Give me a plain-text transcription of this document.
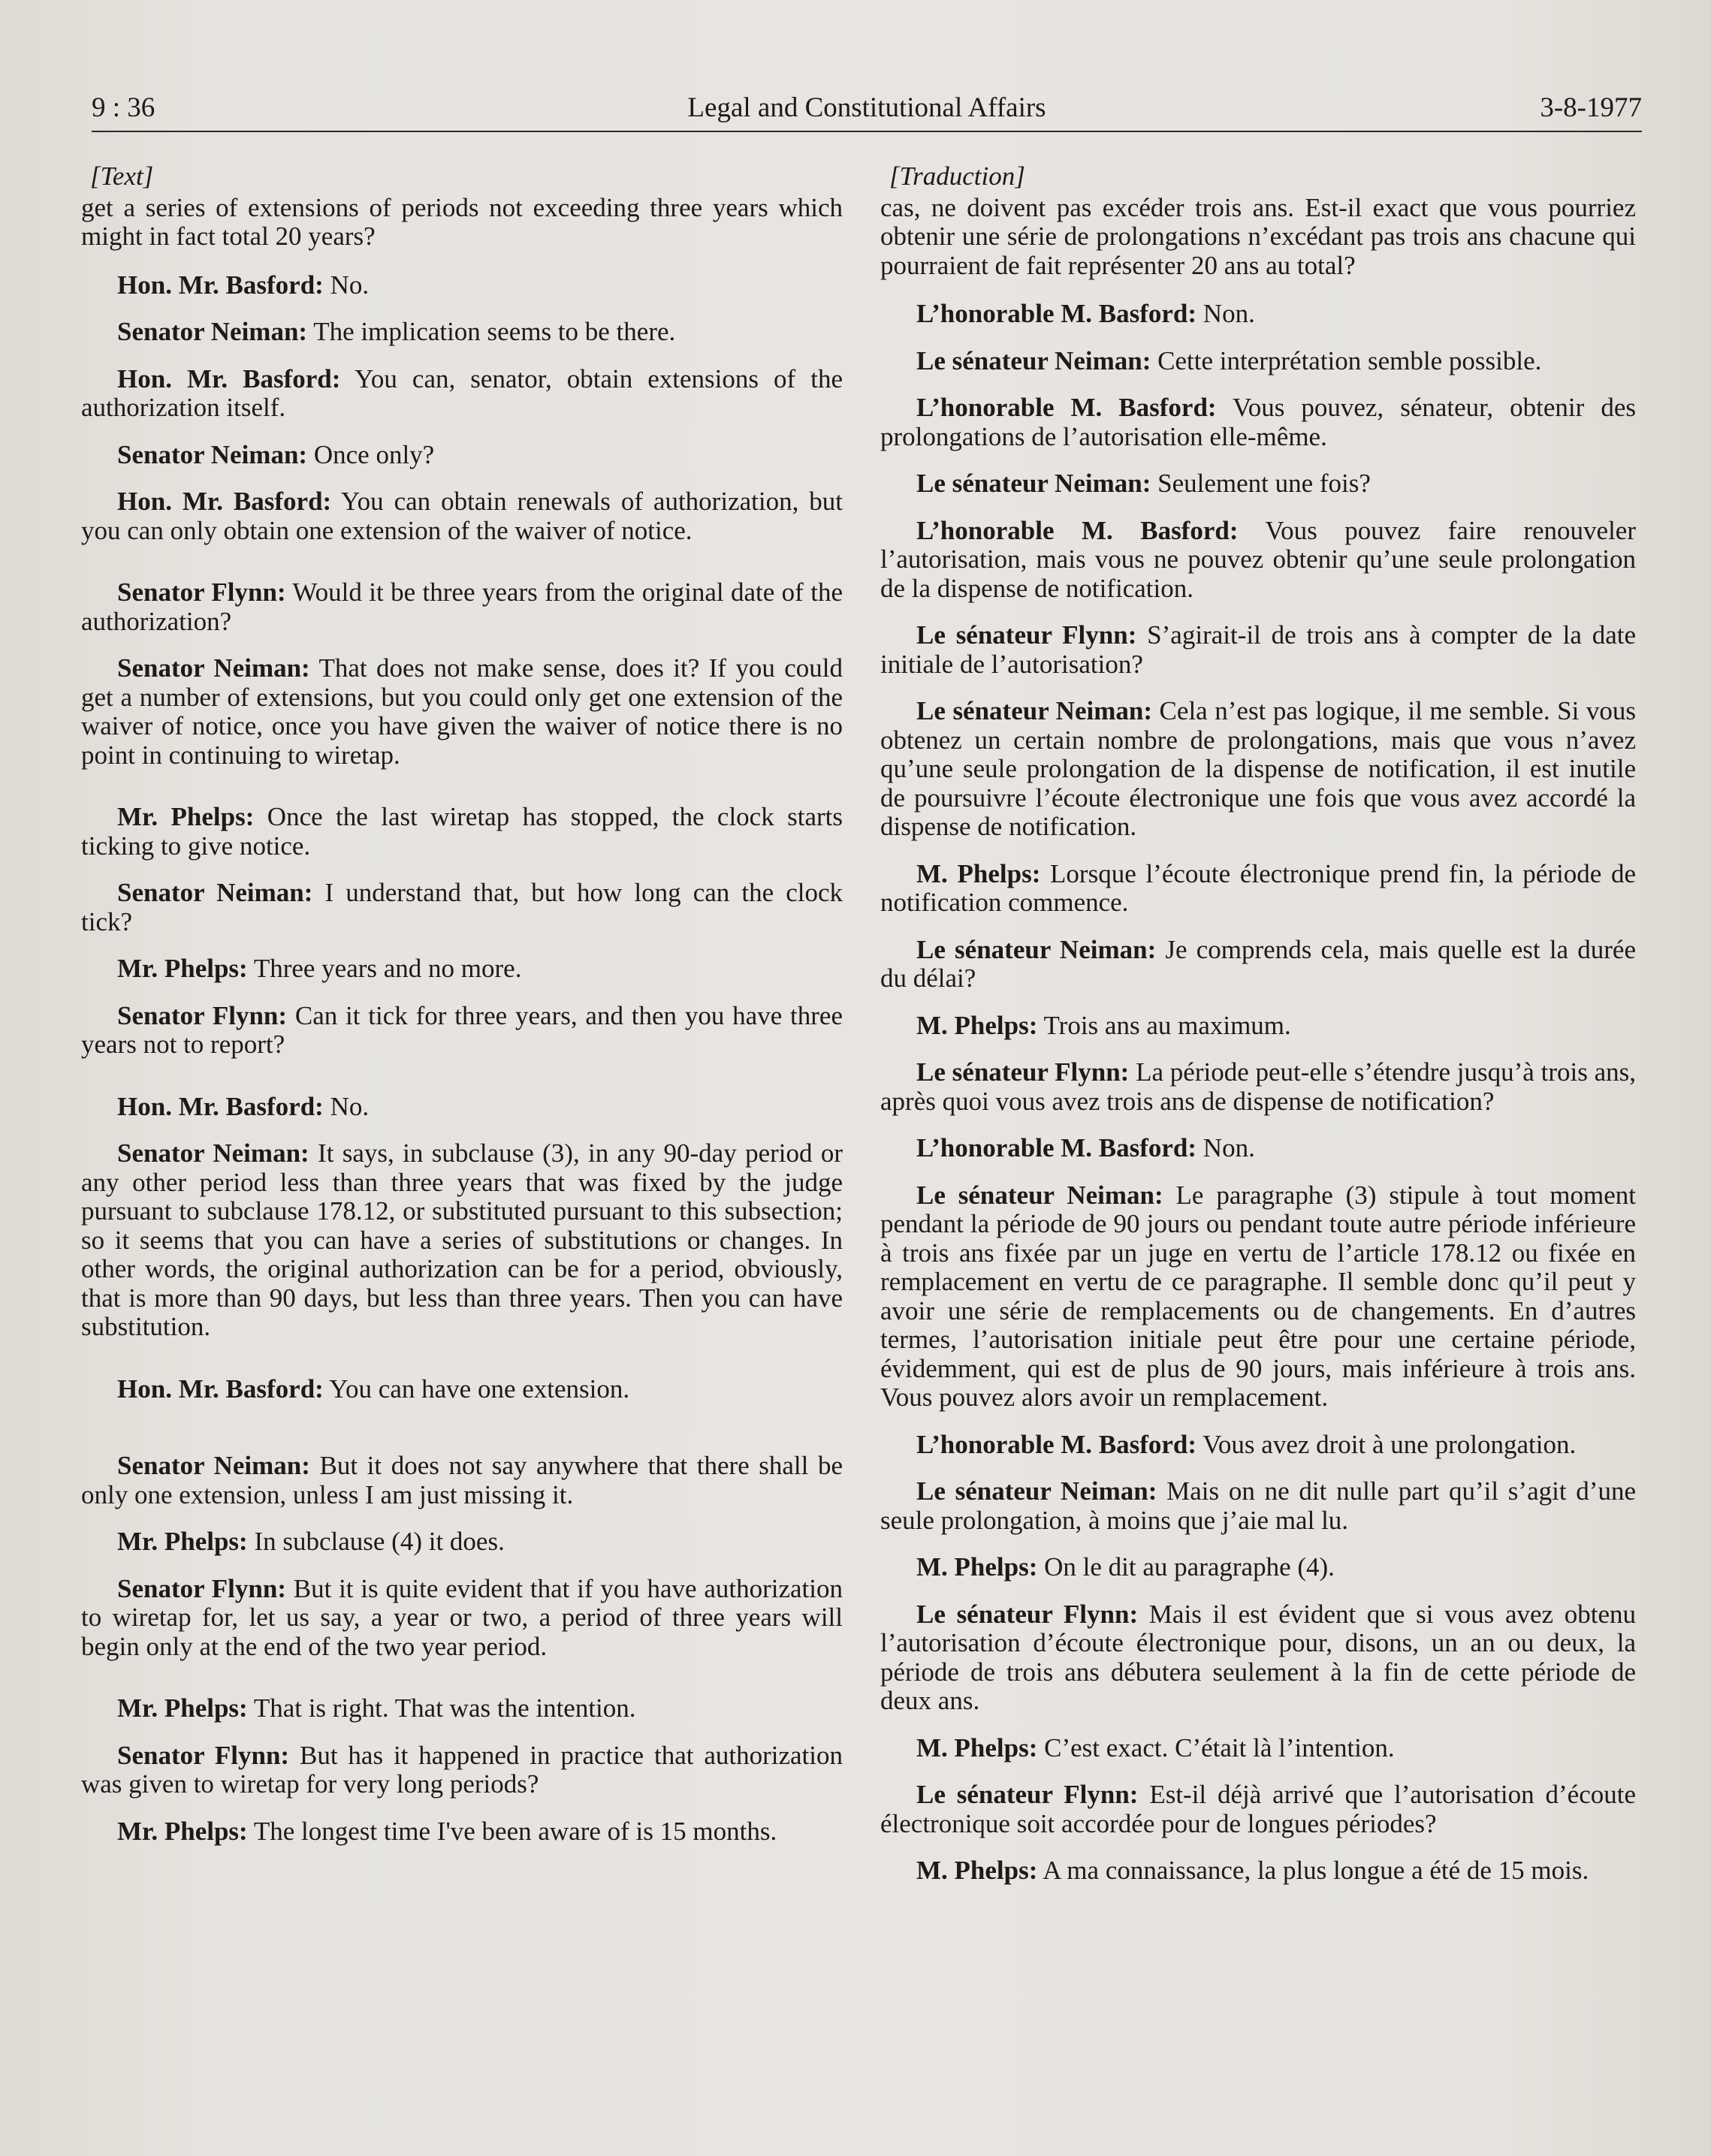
9 : 36	Legal and Constitutional Affairs	3-8-1977
[Text]

get a series of extensions of periods not exceeding three years which might in fact total 20 years?

Hon. Mr. Basford: No.

Senator Neiman: The implication seems to be there.

Hon. Mr. Basford: You can, senator, obtain extensions of the authorization itself.

Senator Neiman: Once only?

Hon. Mr. Basford: You can obtain renewals of authorization, but you can only obtain one extension of the waiver of notice.

Senator Flynn: Would it be three years from the original date of the authorization?

Senator Neiman: That does not make sense, does it? If you could get a number of extensions, but you could only get one extension of the waiver of notice, once you have given the waiver of notice there is no point in continuing to wiretap.

Mr. Phelps: Once the last wiretap has stopped, the clock starts ticking to give notice.

Senator Neiman: I understand that, but how long can the clock tick?

Mr. Phelps: Three years and no more.

Senator Flynn: Can it tick for three years, and then you have three years not to report?

Hon. Mr. Basford: No.

Senator Neiman: It says, in subclause (3), in any 90-day period or any other period less than three years that was fixed by the judge pursuant to subclause 178.12, or substituted pursuant to this subsection; so it seems that you can have a series of substitutions or changes. In other words, the original authorization can be for a period, obviously, that is more than 90 days, but less than three years. Then you can have substitution.

Hon. Mr. Basford: You can have one extension.

Senator Neiman: But it does not say anywhere that there shall be only one extension, unless I am just missing it.

Mr. Phelps: In subclause (4) it does.

Senator Flynn: But it is quite evident that if you have authorization to wiretap for, let us say, a year or two, a period of three years will begin only at the end of the two year period.

Mr. Phelps: That is right. That was the intention.

Senator Flynn: But has it happened in practice that authorization was given to wiretap for very long periods?

Mr. Phelps: The longest time I've been aware of is 15 months.

[Traduction]

cas, ne doivent pas excéder trois ans. Est-il exact que vous pourriez obtenir une série de prolongations n’excédant pas trois ans chacune qui pourraient de fait représenter 20 ans au total?

L’honorable M. Basford: Non.

Le sénateur Neiman: Cette interprétation semble possible.

L’honorable M. Basford: Vous pouvez, sénateur, obtenir des prolongations de l’autorisation elle-même.

Le sénateur Neiman: Seulement une fois?

L’honorable M. Basford: Vous pouvez faire renouveler l’autorisation, mais vous ne pouvez obtenir qu’une seule prolongation de la dispense de notification.

Le sénateur Flynn: S’agirait-il de trois ans à compter de la date initiale de l’autorisation?

Le sénateur Neiman: Cela n’est pas logique, il me semble. Si vous obtenez un certain nombre de prolongations, mais que vous n’avez qu’une seule prolongation de la dispense de notification, il est inutile de poursuivre l’écoute électronique une fois que vous avez accordé la dispense de notification.

M. Phelps: Lorsque l’écoute électronique prend fin, la période de notification commence.

Le sénateur Neiman: Je comprends cela, mais quelle est la durée du délai?

M. Phelps: Trois ans au maximum.

Le sénateur Flynn: La période peut-elle s’étendre jusqu’à trois ans, après quoi vous avez trois ans de dispense de notification?

L’honorable M. Basford: Non.

Le sénateur Neiman: Le paragraphe (3) stipule à tout moment pendant la période de 90 jours ou pendant toute autre période inférieure à trois ans fixée par un juge en vertu de l’article 178.12 ou fixée en remplacement en vertu de ce paragraphe. Il semble donc qu’il peut y avoir une série de remplacements ou de changements. En d’autres termes, l’autorisation initiale peut être pour une certaine période, évidemment, qui est de plus de 90 jours, mais inférieure à trois ans. Vous pouvez alors avoir un remplacement.

L’honorable M. Basford: Vous avez droit à une prolongation.

Le sénateur Neiman: Mais on ne dit nulle part qu’il s’agit d’une seule prolongation, à moins que j’aie mal lu.

M. Phelps: On le dit au paragraphe (4).

Le sénateur Flynn: Mais il est évident que si vous avez obtenu l’autorisation d’écoute électronique pour, disons, un an ou deux, la période de trois ans débutera seulement à la fin de cette période de deux ans.

M. Phelps: C’est exact. C’était là l’intention.

Le sénateur Flynn: Est-il déjà arrivé que l’autorisation d’écoute électronique soit accordée pour de longues périodes?

M. Phelps: A ma connaissance, la plus longue a été de 15 mois.
